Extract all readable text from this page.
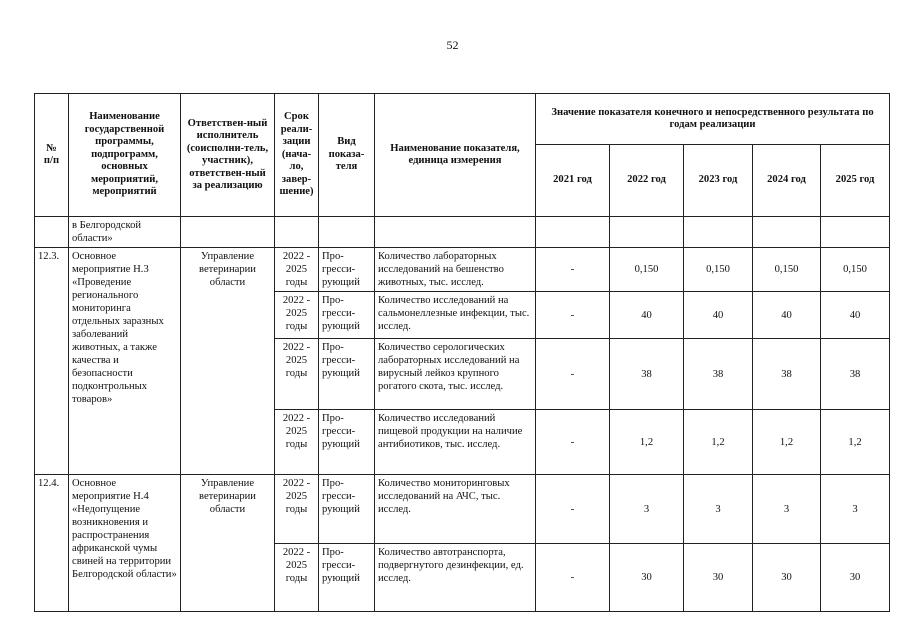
52
№
п/п	Наименование государственной программы, подпрограмм, основных мероприятий, мероприятий	Ответствен-ный исполнитель (соисполни-тель, участник), ответствен-ный за реализацию	Срок реали-зации (нача-ло, завер-шение)	Вид показа-теля	Наименование показателя, единица измерения	Значение показателя конечного и непосредственного результата по годам реализации				
						2021 год	2022 год	2023 год	2024 год	2025 год
	в Белгородской области»									
12.3.	Основное мероприятие Н.3 «Проведение регионального мониторинга отдельных заразных заболеваний животных, а также качества и безопасности подконтрольных товаров»	Управление ветеринарии области	2022 - 2025 годы	Про-гресси-рующий	Количество лабораторных исследований на бешенство животных, тыс. исслед.	-	0,150	0,150	0,150	0,150
			2022 - 2025 годы	Про-гресси-рующий	Количество исследований на сальмонеллезные инфекции, тыс. исслед.	-	40	40	40	40
			2022 - 2025 годы	Про-гресси-рующий	Количество серологических лабораторных исследований на вирусный лейкоз крупного рогатого скота, тыс. исслед.	-	38	38	38	38
			2022 - 2025 годы	Про-гресси-рующий	Количество исследований пищевой продукции на наличие антибиотиков, тыс. исслед.	-	1,2	1,2	1,2	1,2
12.4.	Основное мероприятие Н.4 «Недопущение возникновения и распространения африканской чумы свиней на территории Белгородской области»	Управление ветеринарии области	2022 - 2025 годы	Про-гресси-рующий	Количество мониторинговых исследований на АЧС, тыс. исслед.	-	3	3	3	3
			2022 - 2025 годы	Про-гресси-рующий	Количество автотранспорта, подвергнутого дезинфекции, ед. исслед.	-	30	30	30	30
